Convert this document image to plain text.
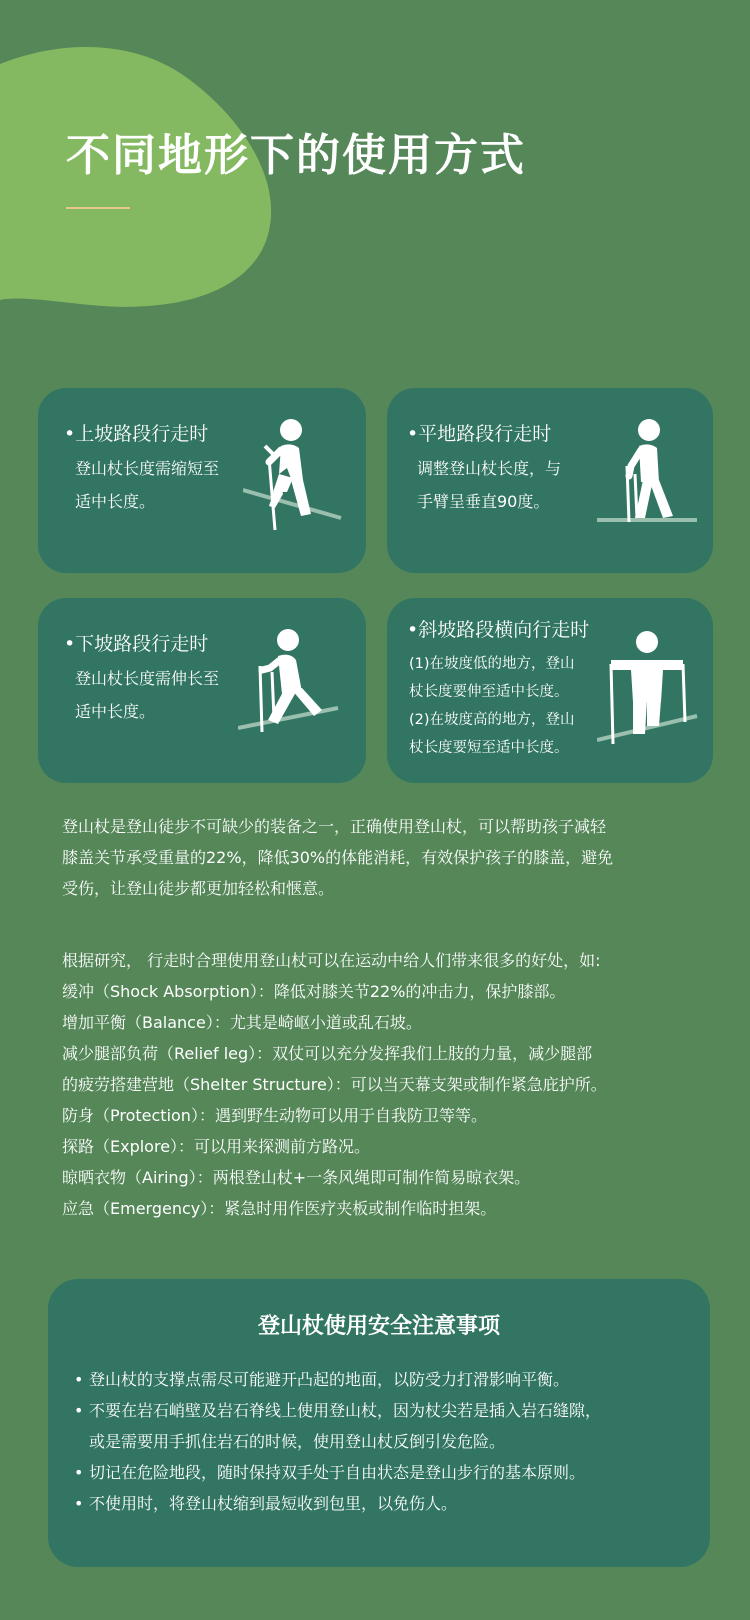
不同地形下的使用方式
•上坡路段行走时
登山杖长度需缩短至
适中长度。
•平地路段行走时
调整登山杖长度，与
手臂呈垂直90度。
•下坡路段行走时
登山杖长度需伸长至
适中长度。
•斜坡路段横向行走时
(1)在坡度低的地方，登山
杖长度要伸至适中长度。
(2)在坡度高的地方，登山
杖长度要短至适中长度。
登山杖是登山徒步不可缺少的装备之一，正确使用登山杖，可以帮助孩子减轻
膝盖关节承受重量的22%，降低30%的体能消耗，有效保护孩子的膝盖，避免
受伤，让登山徒步都更加轻松和惬意。
根据研究， 行走时合理使用登山杖可以在运动中给人们带来很多的好处，如:
缓冲（Shock Absorption）：降低对膝关节22%的冲击力，保护膝部。
增加平衡（Balance）：尤其是崎岖小道或乱石坡。
减少腿部负荷（Relief leg）：双仗可以充分发挥我们上肢的力量，减少腿部
的疲劳搭建营地（Shelter Structure）：可以当天幕支架或制作紧急庇护所。
防身（Protection）：遇到野生动物可以用于自我防卫等等。
探路（Explore）：可以用来探测前方路况。
晾晒衣物（Airing）：两根登山杖+一条风绳即可制作简易晾衣架。
应急（Emergency）：紧急时用作医疗夹板或制作临时担架。
登山杖使用安全注意事项
• 登山杖的支撑点需尽可能避开凸起的地面，以防受力打滑影响平衡。
• 不要在岩石峭壁及岩石脊线上使用登山杖，因为杖尖若是插入岩石缝隙，
或是需要用手抓住岩石的时候，使用登山杖反倒引发危险。
• 切记在危险地段，随时保持双手处于自由状态是登山步行的基本原则。
• 不使用时，将登山杖缩到最短收到包里，以免伤人。
